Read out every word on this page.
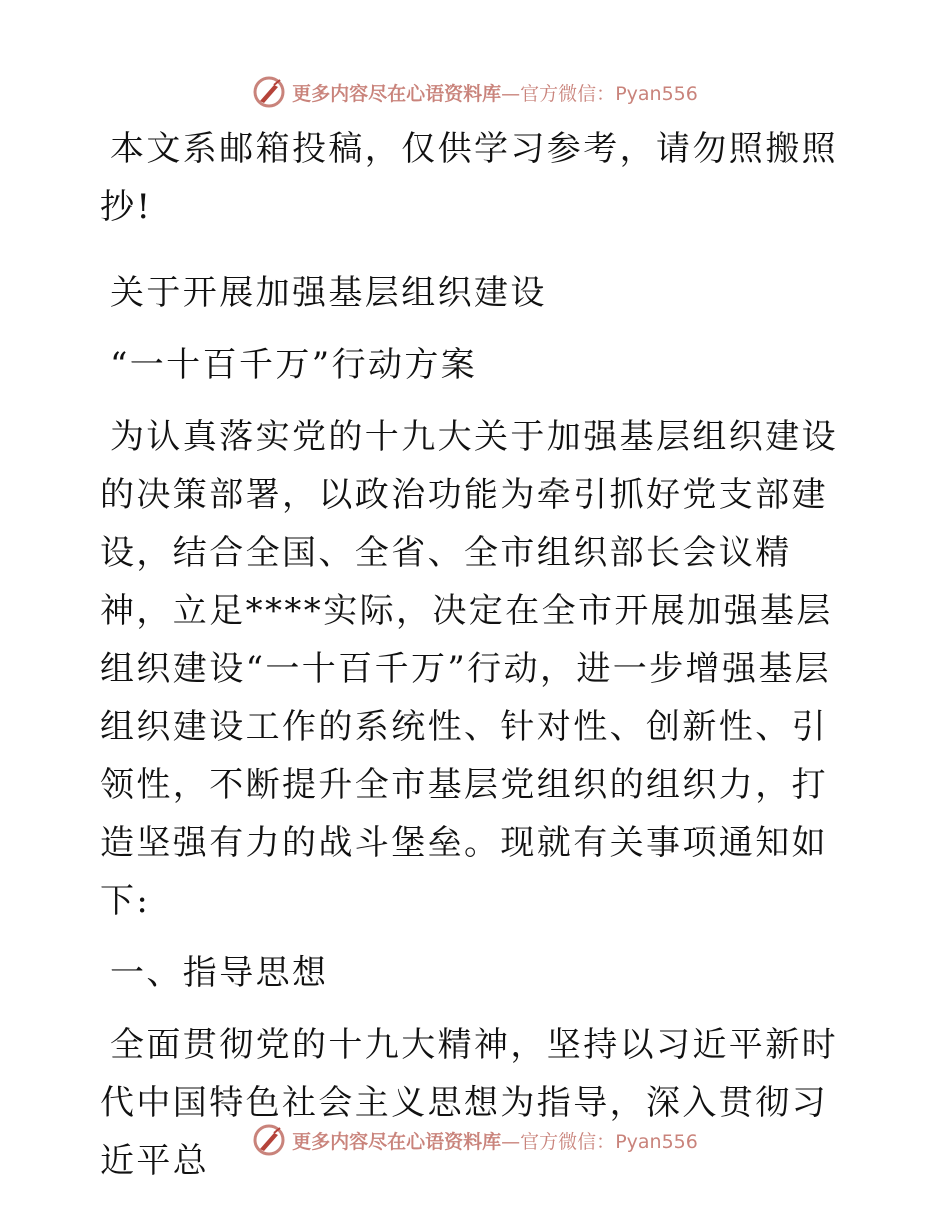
更多内容尽在心语资料库—官方微信：Pyan556

本文系邮箱投稿，仅供学习参考，请勿照搬照抄!

关于开展加强基层组织建设

“一十百千万”行动方案

为认真落实党的十九大关于加强基层组织建设的决策部署，以政治功能为牵引抓好党支部建设，结合全国、全省、全市组织部长会议精神，立足****实际，决定在全市开展加强基层组织建设“一十百千万”行动，进一步增强基层组织建设工作的系统性、针对性、创新性、引领性，不断提升全市基层党组织的组织力，打造坚强有力的战斗堡垒。现就有关事项通知如下:

一、指导思想

全面贯彻党的十九大精神，坚持以习近平新时代中国特色社会主义思想为指导，深入贯彻习近平总	更多内容尽在心语资料库—官方微信：Pyan556
